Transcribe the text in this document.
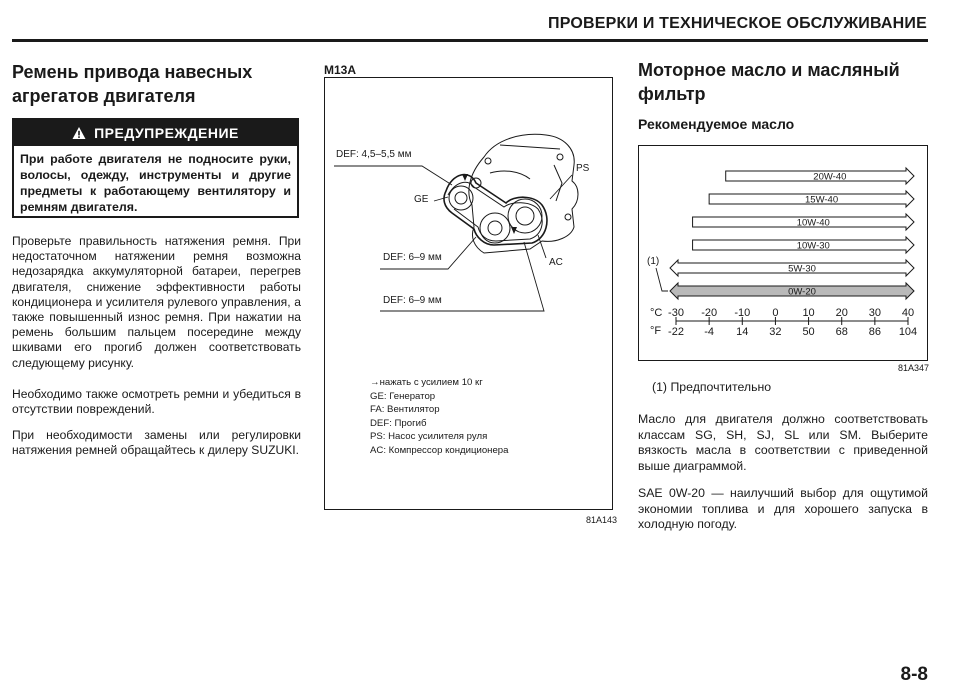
ПРОВЕРКИ И ТЕХНИЧЕСКОЕ ОБСЛУЖИВАНИЕ
Ремень привода навесных
агрегатов двигателя
ПРЕДУПРЕЖДЕНИЕ
При работе двигателя не подносите руки, волосы, одежду, инструменты и другие предметы к работающему вентилятору и ремням двигателя.

Проверьте правильность натяжения ремня. При недостаточном натяжении ремня возможна недозарядка аккумуляторной батареи, перегрев двигателя, снижение эффективности работы кондиционера и усилителя рулевого управления, а также повышенный износ ремня. При нажатии на ремень большим пальцем посередине между шкивами его прогиб должен соответствовать следующему рисунку.

Необходимо также осмотреть ремни и убедиться в отсутствии повреждений.

При необходимости замены или регулировки натяжения ремней обращайтесь к дилеру SUZUKI.

M13A
DEF: 4,5–5,5 мм
GE
PS
DEF: 6–9 мм	AC
DEF: 6–9 мм
→нажать с усилием 10 кг
GE: Генератор
FA: Вентилятор
DEF: Прогиб
PS: Насос усилителя руля
AC: Компрессор кондиционера
81A143
Моторное масло и масляный
фильтр
Рекомендуемое масло
20W-40
15W-40
10W-40
10W-30
5W-30
0W-20
(1)
-30
-22
-20
-4
-10
14
0
32
10
50
20
68
30
86
40
104
°C
°F
81A347
(1) Предпочтительно

Масло для двигателя должно соответствовать классам SG, SH, SJ, SL или SM. Выберите вязкость масла в соответствии с приведенной выше диаграммой.

SAE 0W-20 — наилучший выбор для ощутимой экономии топлива и для хорошего запуска в холодную погоду.

8-8
